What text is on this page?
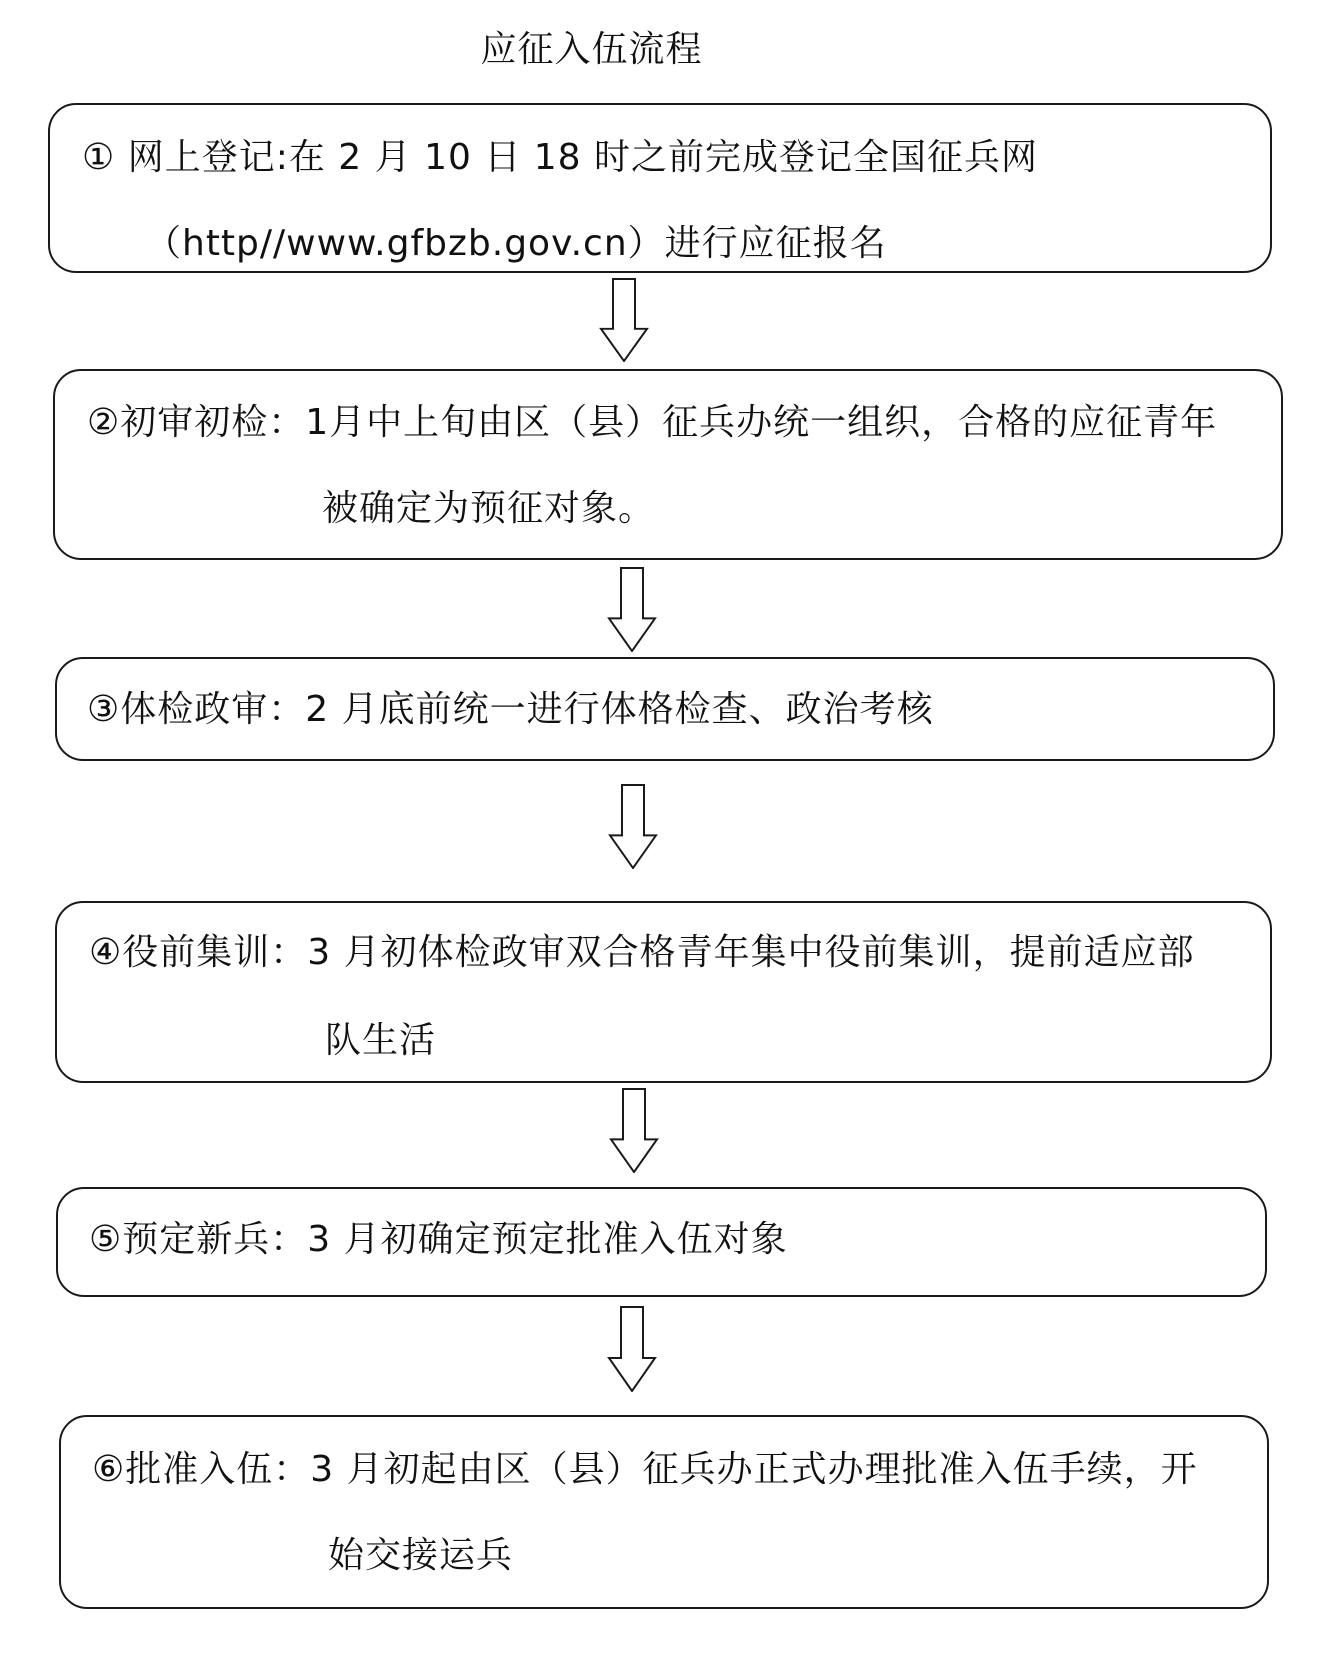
应征入伍流程
① 网上登记:在 2 月 10 日 18 时之前完成登记全国征兵网
（http//www.gfbzb.gov.cn）进行应征报名
②初审初检：1月中上旬由区（县）征兵办统一组织，合格的应征青年
被确定为预征对象。
③体检政审：2 月底前统一进行体格检查、政治考核
④役前集训：3 月初体检政审双合格青年集中役前集训，提前适应部
队生活
⑤预定新兵：3 月初确定预定批准入伍对象
⑥批准入伍：3 月初起由区（县）征兵办正式办理批准入伍手续，开
始交接运兵
